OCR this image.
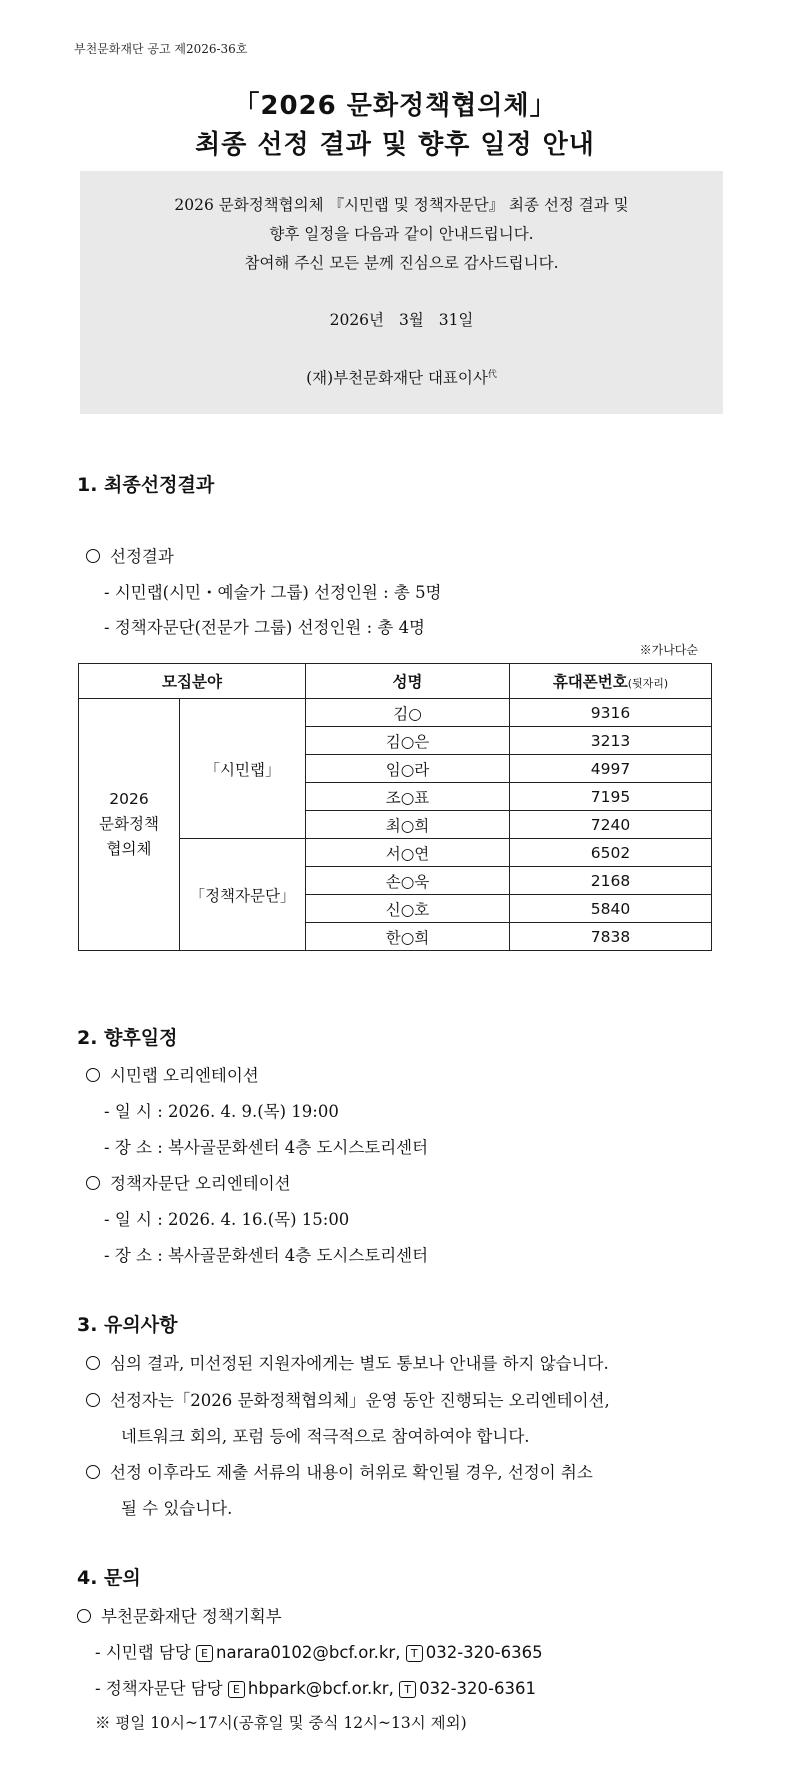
부천문화재단 공고 제2026-36호
「2026 문화정책협의체」
최종 선정 결과 및 향후 일정 안내
2026 문화정책협의체 『시민랩 및 정책자문단』 최종 선정 결과 및
향후 일정을 다음과 같이 안내드립니다.
참여해 주신 모든 분께 진심으로 감사드립니다.
2026년 3월 31일
(재)부천문화재단 대표이사$^代$
1. 최종선정결과
선정결과
- 시민랩(시민・예술가 그룹) 선정인원 : 총 5명
- 정책자문단(전문가 그룹) 선정인원 : 총 4명
※가나다순
모집분야		성명	휴대폰번호(뒷자리)

2026
문화정책
협의체	「시민랩」	김○	9316
		김○은	3213
		임○라	4997
		조○표	7195
		최○희	7240
	「정책자문단」	서○연	6502
		손○욱	2168
		신○호	5840
		한○희	7838
2. 향후일정
시민랩 오리엔테이션
- 일 시 : 2026. 4. 9.(목) 19:00
- 장 소 : 복사골문화센터 4층 도시스토리센터
정책자문단 오리엔테이션
- 일 시 : 2026. 4. 16.(목) 15:00
- 장 소 : 복사골문화센터 4층 도시스토리센터
3. 유의사항
심의 결과, 미선정된 지원자에게는 별도 통보나 안내를 하지 않습니다.
선정자는「2026 문화정책협의체」운영 동안 진행되는 오리엔테이션,
네트워크 회의, 포럼 등에 적극적으로 참여하여야 합니다.
선정 이후라도 제출 서류의 내용이 허위로 확인될 경우, 선정이 취소
될 수 있습니다.
4. 문의
부천문화재단 정책기획부
- 시민랩 담당 E narara0102@bcf.or.kr, T 032-320-6365
- 정책자문단 담당 E hbpark@bcf.or.kr, T 032-320-6361
※ 평일 10시~17시(공휴일 및 중식 12시~13시 제외)
